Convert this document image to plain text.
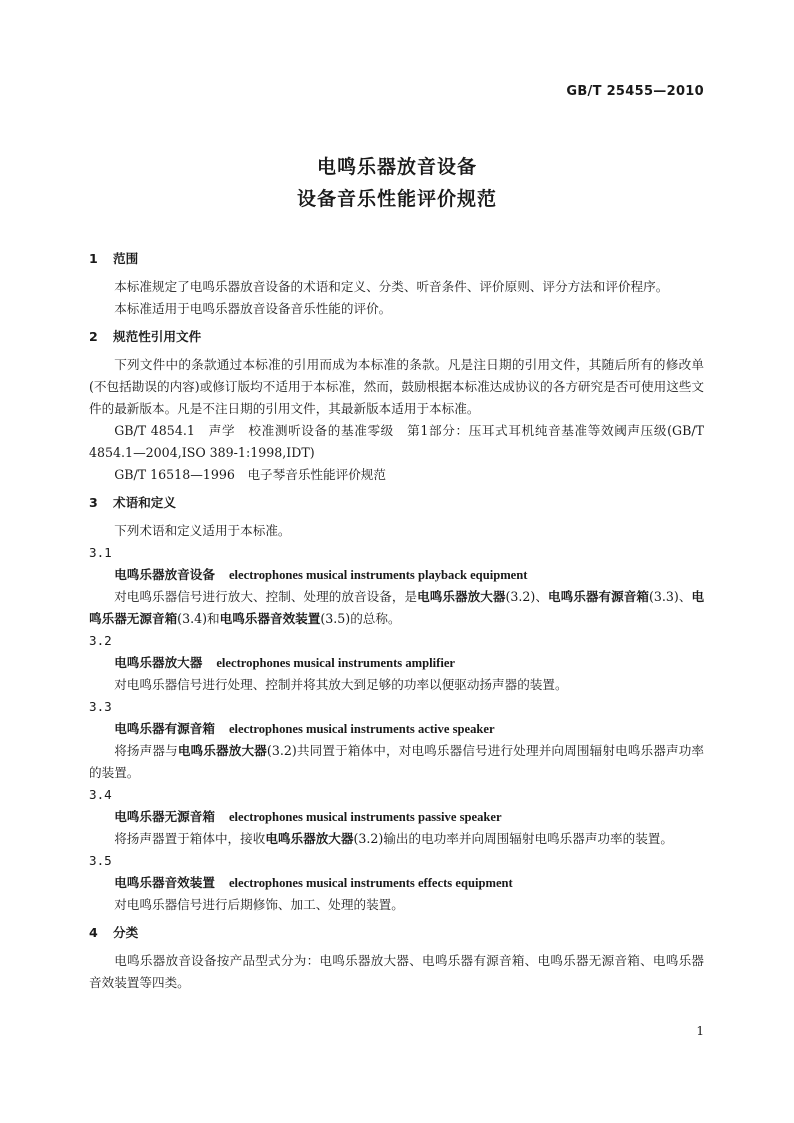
GB/T 25455—2010
电鸣乐器放音设备
设备音乐性能评价规范

1 范围

本标准规定了电鸣乐器放音设备的术语和定义、分类、听音条件、评价原则、评分方法和评价程序。

本标准适用于电鸣乐器放音设备音乐性能的评价。

2 规范性引用文件

下列文件中的条款通过本标准的引用而成为本标准的条款。凡是注日期的引用文件，其随后所有的修改单(不包括勘误的内容)或修订版均不适用于本标准，然而，鼓励根据本标准达成协议的各方研究是否可使用这些文件的最新版本。凡是不注日期的引用文件，其最新版本适用于本标准。

GB/T 4854.1　声学　校准测听设备的基准零级　第1部分：压耳式耳机纯音基准等效阈声压级(GB/T 4854.1—2004,ISO 389-1:1998,IDT)

GB/T 16518—1996　电子琴音乐性能评价规范

3 术语和定义

下列术语和定义适用于本标准。

3.1

电鸣乐器放音设备 electrophones musical instruments playback equipment

对电鸣乐器信号进行放大、控制、处理的放音设备，是电鸣乐器放大器(3.2)、电鸣乐器有源音箱(3.3)、电鸣乐器无源音箱(3.4)和电鸣乐器音效装置(3.5)的总称。

3.2

电鸣乐器放大器 electrophones musical instruments amplifier

对电鸣乐器信号进行处理、控制并将其放大到足够的功率以便驱动扬声器的装置。

3.3

电鸣乐器有源音箱 electrophones musical instruments active speaker

将扬声器与电鸣乐器放大器(3.2)共同置于箱体中，对电鸣乐器信号进行处理并向周围辐射电鸣乐器声功率的装置。

3.4

电鸣乐器无源音箱 electrophones musical instruments passive speaker

将扬声器置于箱体中，接收电鸣乐器放大器(3.2)输出的电功率并向周围辐射电鸣乐器声功率的装置。

3.5

电鸣乐器音效装置 electrophones musical instruments effects equipment

对电鸣乐器信号进行后期修饰、加工、处理的装置。

4 分类

电鸣乐器放音设备按产品型式分为：电鸣乐器放大器、电鸣乐器有源音箱、电鸣乐器无源音箱、电鸣乐器音效装置等四类。

1
